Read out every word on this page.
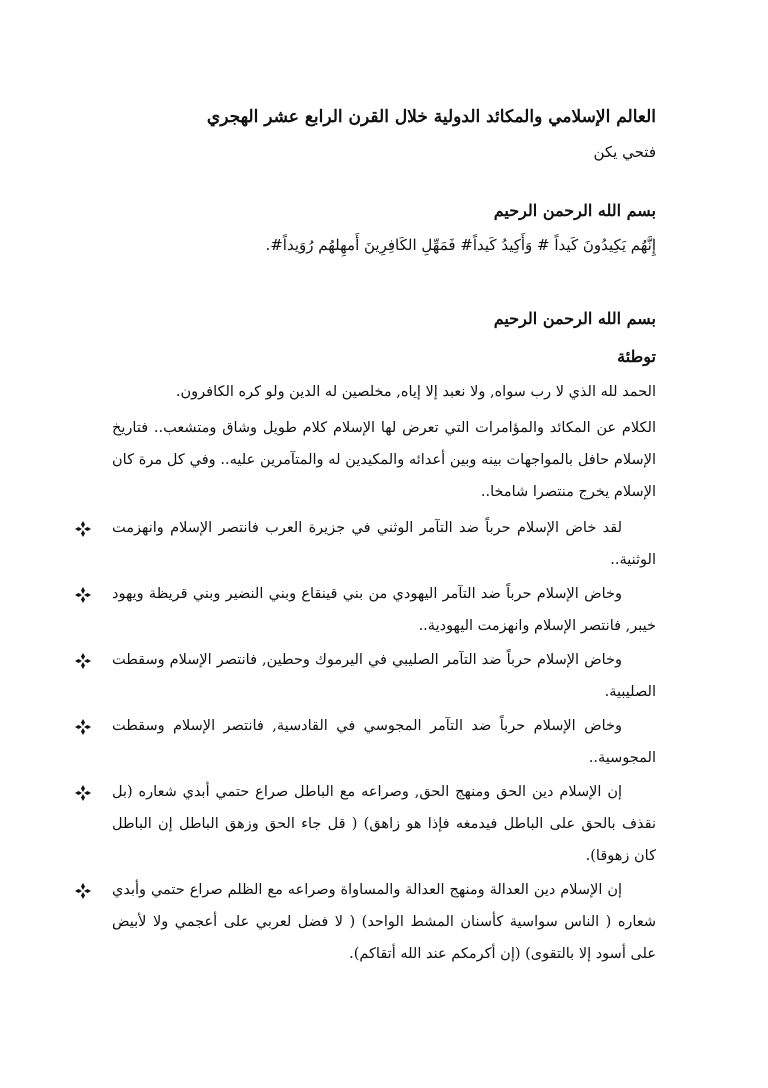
العالم الإسلامي والمكائد الدولية خلال القرن الرابع عشر الهجري

فتحي يكن

بسم الله الرحمن الرحيم

إِنَّهُم يَكِيدُونَ كَيداً # وَأَكِيدُ كَيداً# فَمَهِّلِ الكَافِرِينَ أَمهِلهُم رُوَيداً#.

بسم الله الرحمن الرحيم

توطئة

الحمد لله الذي لا رب سواه, ولا نعبد إلا إياه, مخلصين له الدين ولو كره الكافرون.

الكلام عن المكائد والمؤامرات التي تعرض لها الإسلام كلام طويل وشاق ومتشعب.. فتاريخ الإسلام حافل بالمواجهات بينه وبين أعدائه والمكيدين له والمتآمرين عليه.. وفي كل مرة كان الإسلام يخرج منتصرا شامخا..

لقد خاض الإسلام حرباً ضد التآمر الوثني في جزيرة العرب فانتصر الإسلام وانهزمت الوثنية..
وخاض الإسلام حرباً ضد التآمر اليهودي من بني قينقاع وبني النضير وبني قريظة ويهود خيبر, فانتصر الإسلام وانهزمت اليهودية..
وخاض الإسلام حرباً ضد التآمر الصليبي في اليرموك وحطين, فانتصر الإسلام وسقطت الصليبية.
وخاض الإسلام حرباً ضد التآمر المجوسي في القادسية, فانتصر الإسلام وسقطت المجوسية..
إن الإسلام دين الحق ومنهج الحق, وصراعه مع الباطل صراع حتمي أبدي شعاره (بل نقذف بالحق على الباطل فيدمغه فإذا هو زاهق) ( قل جاء الحق وزهق الباطل إن الباطل كان زهوقا).
إن الإسلام دين العدالة ومنهج العدالة والمساواة وصراعه مع الظلم صراع حتمي وأبدي شعاره ( الناس سواسية كأسنان المشط الواحد) ( لا فضل لعربي على أعجمي ولا لأبيض على أسود إلا بالتقوى) (إن أكرمكم عند الله أتقاكم).
